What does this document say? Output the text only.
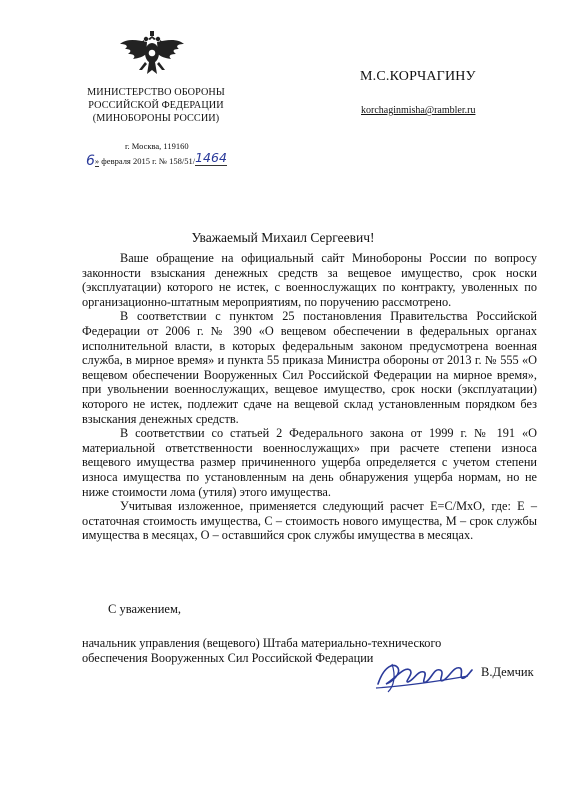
МИНИСТЕРСТВО ОБОРОНЫ
РОССИЙСКОЙ ФЕДЕРАЦИИ
(МИНОБОРОНЫ РОССИИ)
М.С.КОРЧАГИНУ
korchaginmisha@rambler.ru
г. Москва, 119160
6» февраля 2015 г. № 158/51/1464
Уважаемый Михаил Сергеевич!

Ваше обращение на официальный сайт Минобороны России по вопросу законности взыскания денежных средств за вещевое имущество, срок носки (эксплуатации) которого не истек, с военнослужащих по контракту, уволенных по организационно-штатным мероприятиям, по поручению рассмотрено.

В соответствии с пунктом 25 постановления Правительства Российской Федерации от 2006 г. № 390 «О вещевом обеспечении в федеральных органах исполнительной власти, в которых федеральным законом предусмотрена военная служба, в мирное время» и пункта 55 приказа Министра обороны от 2013 г. № 555 «О вещевом обеспечении Вооруженных Сил Российской Федерации на мирное время», при увольнении военнослужащих, вещевое имущество, срок носки (эксплуатации) которого не истек, подлежит сдаче на вещевой склад установленным порядком без взыскания денежных средств.

В соответствии со статьей 2 Федерального закона от 1999 г. № 191 «О материальной ответственности военнослужащих» при расчете степени износа вещевого имущества размер причиненного ущерба определяется с учетом степени износа имущества по установленным на день обнаружения ущерба нормам, но не ниже стоимости лома (утиля) этого имущества.

Учитывая изложенное, применяется следующий расчет Е=С/МхО, где: Е – остаточная стоимость имущества, С – стоимость нового имущества, М – срок службы имущества в месяцах, О – оставшийся срок службы имущества в месяцах.

С уважением,
начальник управления (вещевого) Штаба материально-технического
обеспечения Вооруженных Сил Российской Федерации
В.Демчик
